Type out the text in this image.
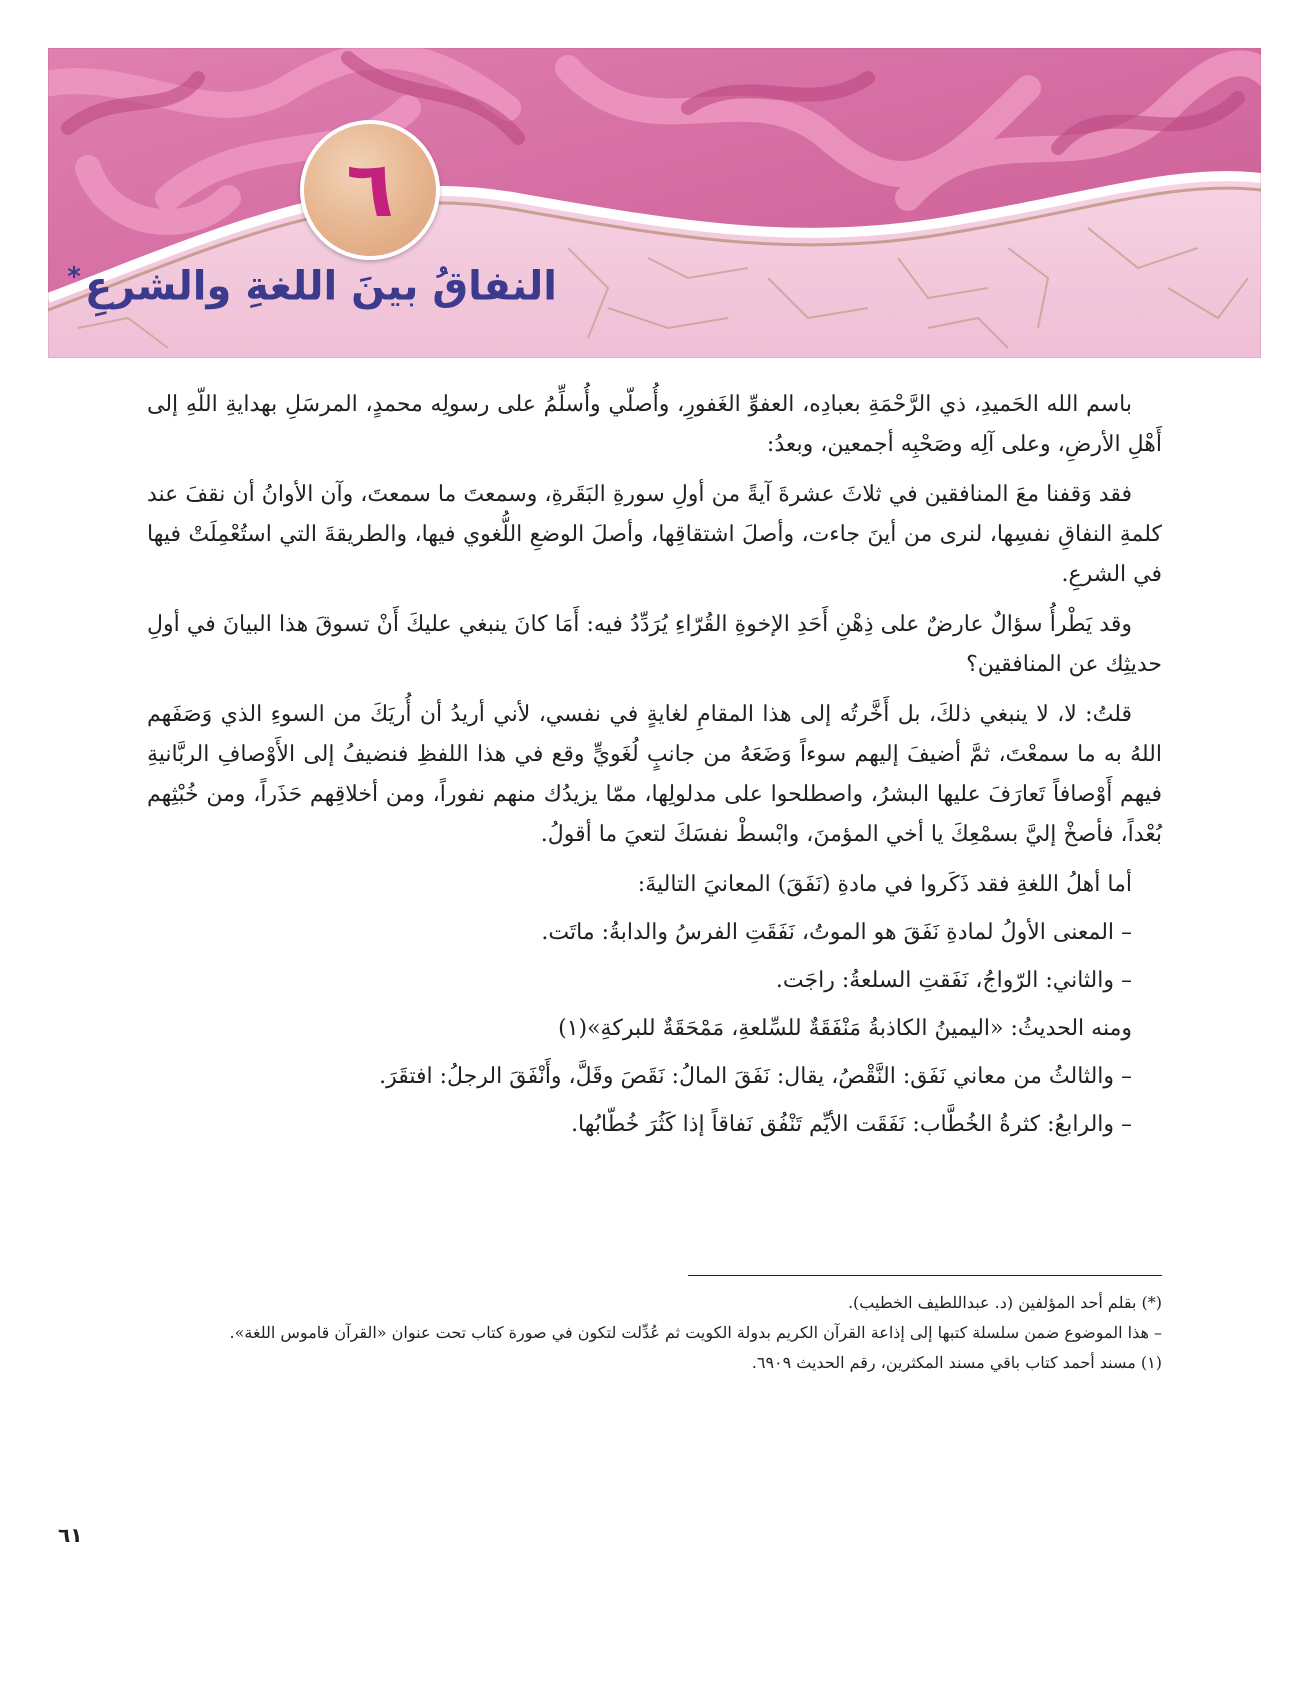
٦
النفاقُ بينَ اللغةِ والشرعِ*

باسم الله الحَميدِ، ذي الرَّحْمَةِ بعبادِه، العفوِّ الغَفورِ، وأُصلّي وأُسلِّمُ على رسولِه محمدٍ، المرسَلِ بهدايةِ اللّهِ إلى أَهْلِ الأرضِ، وعلى آلِه وصَحْبِه أجمعين، وبعدُ:

فقد وَقفنا معَ المنافقين في ثلاثَ عشرةَ آيةً من أولِ سورةِ البَقَرةِ، وسمعتَ ما سمعتَ، وآن الأوانُ أن نقفَ عند كلمةِ النفاقِ نفسِها، لنرى من أينَ جاءت، وأصلَ اشتقاقِها، وأصلَ الوضعِ اللُّغوي فيها، والطريقةَ التي استُعْمِلَتْ فيها في الشرعِ.

وقد يَطْرأُ سؤالٌ عارضٌ على ذِهْنِ أَحَدِ الإخوةِ القُرّاءِ يُرَدِّدُ فيه: أَمَا كانَ ينبغي عليكَ أَنْ تسوقَ هذا البيانَ في أولِ حديثِك عن المنافقين؟

قلتُ: لا، لا ينبغي ذلكَ، بل أَخَّرتُه إلى هذا المقامِ لغايةٍ في نفسي، لأني أريدُ أن أُريَكَ من السوءِ الذي وَصَفَهم اللهُ به ما سمعْتَ، ثمَّ أضيفَ إليهم سوءاً وَضَعَهُ من جانبٍ لُغَويٍّ وقع في هذا اللفظِ فنضيفُ إلى الأَوْصافِ الربَّانيةِ فيهم أَوْصافاً تَعارَفَ عليها البشرُ، واصطلحوا على مدلولِها، ممّا يزيدُك منهم نفوراً، ومن أخلاقِهم حَذَراً، ومن خُبْثِهم بُعْداً، فأصخْ إليَّ بسمْعِكَ يا أخي المؤمنَ، وابْسطْ نفسَكَ لتعيَ ما أقولُ.

أما أهلُ اللغةِ فقد ذَكَروا في مادةِ (نَفَقَ) المعانيَ التاليةَ:

– المعنى الأولُ لمادةِ نَفَقَ هو الموتُ، نَفَقَتِ الفرسُ والدابةُ: ماتَت.

– والثاني: الرّواجُ، نَفَقتِ السلعةُ: راجَت.

ومنه الحديثُ: «اليمينُ الكاذبةُ مَنْفَقَةٌ للسِّلعةِ، مَمْحَقَةٌ للبركةِ»(١)

– والثالثُ من معاني نَفَق: النَّقْصُ، يقال: نَفَقَ المالُ: نَقَصَ وقَلَّ، وأَنْفَقَ الرجلُ: افتقَرَ.

– والرابعُ: كثرةُ الخُطَّاب: نَفَقَت الأيِّم تَنْفُق نَفاقاً إذا كَثُرَ خُطّابُها.

(*) بقلم أحد المؤلفين (د. عبداللطيف الخطيب).

– هذا الموضوع ضمن سلسلة كتبها إلى إذاعة القرآن الكريم بدولة الكويت ثم عُدِّلت لتكون في صورة كتاب تحت عنوان «القرآن قاموس اللغة».

(١) مسند أحمد كتاب باقي مسند المكثرين، رقم الحديث ٦٩٠٩.

٦١
